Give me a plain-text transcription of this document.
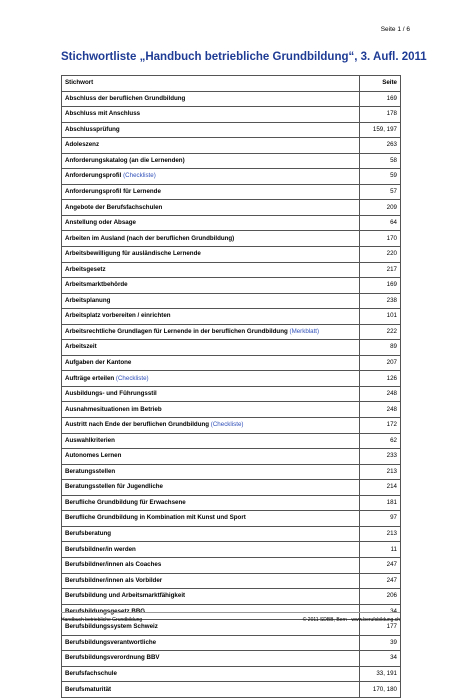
Seite 1 / 6
Stichwortliste „Handbuch betriebliche Grundbildung“, 3. Aufl. 2011
Stichwort	Seite
Abschluss der beruflichen Grundbildung	169
Abschluss mit Anschluss	178
Abschlussprüfung	159, 197
Adoleszenz	263
Anforderungskatalog (an die Lernenden)	58
Anforderungsprofil (Checkliste)	59
Anforderungsprofil für Lernende	57
Angebote der Berufsfachschulen	209
Anstellung oder Absage	64
Arbeiten im Ausland (nach der beruflichen Grundbildung)	170
Arbeitsbewilligung für ausländische Lernende	220
Arbeitsgesetz	217
Arbeitsmarktbehörde	169
Arbeitsplanung	238
Arbeitsplatz vorbereiten / einrichten	101
Arbeitsrechtliche Grundlagen für Lernende in der beruflichen Grundbildung (Merkblatt)	222
Arbeitszeit	89
Aufgaben der Kantone	207
Aufträge erteilen (Checkliste)	126
Ausbildungs- und Führungsstil	248
Ausnahmesituationen im Betrieb	248
Austritt nach Ende der beruflichen Grundbildung (Checkliste)	172
Auswahlkriterien	62
Autonomes Lernen	233
Beratungsstellen	213
Beratungsstellen für Jugendliche	214
Berufliche Grundbildung für Erwachsene	181
Berufliche Grundbildung in Kombination mit Kunst und Sport	97
Berufsberatung	213
Berufsbildner/in werden	11
Berufsbildner/innen als Coaches	247
Berufsbildner/innen als Vorbilder	247
Berufsbildung und Arbeitsmarktfähigkeit	206
Berufsbildungsgesetz BBG	34
Berufsbildungssystem Schweiz	177
Berufsbildungsverantwortliche	39
Berufsbildungsverordnung BBV	34
Berufsfachschule	33, 191
Berufsmaturität	170, 180
Handbuch betriebliche Grundbildung	© 2011 SDBB, Bern · www.berufsbildung.ch
